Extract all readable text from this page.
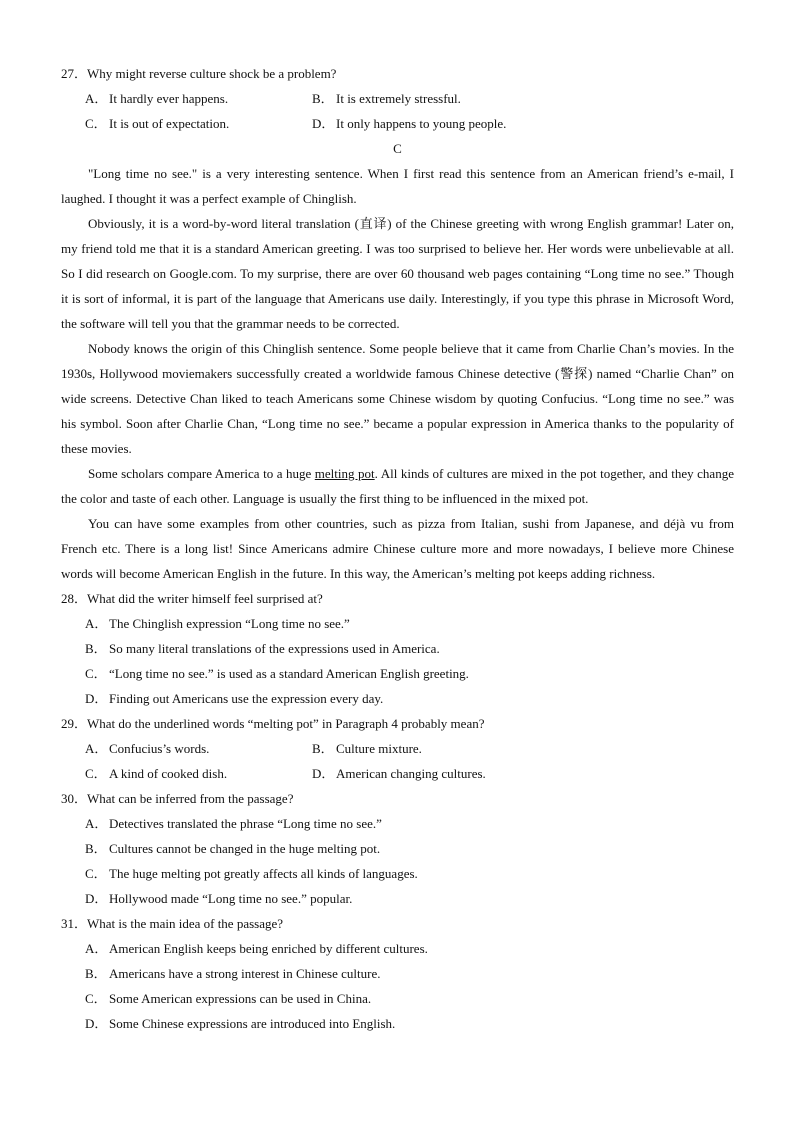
27．Why might reverse culture shock be a problem?
A． It hardly ever happens.	B． It is extremely stressful.
C． It is out of expectation.	D． It only happens to young people.
C

"Long time no see." is a very interesting sentence. When I first read this sentence from an American friend’s e-mail, I laughed. I thought it was a perfect example of Chinglish.

Obviously, it is a word-by-word literal translation (直译) of the Chinese greeting with wrong English grammar! Later on, my friend told me that it is a standard American greeting. I was too surprised to believe her. Her words were unbelievable at all. So I did research on Google.com. To my surprise, there are over 60 thousand web pages containing “Long time no see.” Though it is sort of informal, it is part of the language that Americans use daily. Interestingly, if you type this phrase in Microsoft Word, the software will tell you that the grammar needs to be corrected.

Nobody knows the origin of this Chinglish sentence. Some people believe that it came from Charlie Chan’s movies. In the 1930s, Hollywood moviemakers successfully created a worldwide famous Chinese detective (警探) named “Charlie Chan” on wide screens. Detective Chan liked to teach Americans some Chinese wisdom by quoting Confucius. “Long time no see.” was his symbol. Soon after Charlie Chan, “Long time no see.” became a popular expression in America thanks to the popularity of these movies.

Some scholars compare America to a huge melting pot. All kinds of cultures are mixed in the pot together, and they change the color and taste of each other. Language is usually the first thing to be influenced in the mixed pot.

You can have some examples from other countries, such as pizza from Italian, sushi from Japanese, and déjà vu from French etc. There is a long list! Since Americans admire Chinese culture more and more nowadays, I believe more Chinese words will become American English in the future. In this way, the American’s melting pot keeps adding richness.

28．What did the writer himself feel surprised at?
A． The Chinglish expression “Long time no see.”
B． So many literal translations of the expressions used in America.
C． “Long time no see.” is used as a standard American English greeting.
D． Finding out Americans use the expression every day.
29．What do the underlined words “melting pot” in Paragraph 4 probably mean?
A． Confucius’s words.	B． Culture mixture.
C． A kind of cooked dish.	D． American changing cultures.
30．What can be inferred from the passage?
A． Detectives translated the phrase “Long time no see.”
B． Cultures cannot be changed in the huge melting pot.
C． The huge melting pot greatly affects all kinds of languages.
D． Hollywood made “Long time no see.” popular.
31．What is the main idea of the passage?
A． American English keeps being enriched by different cultures.
B． Americans have a strong interest in Chinese culture.
C． Some American expressions can be used in China.
D． Some Chinese expressions are introduced into English.
